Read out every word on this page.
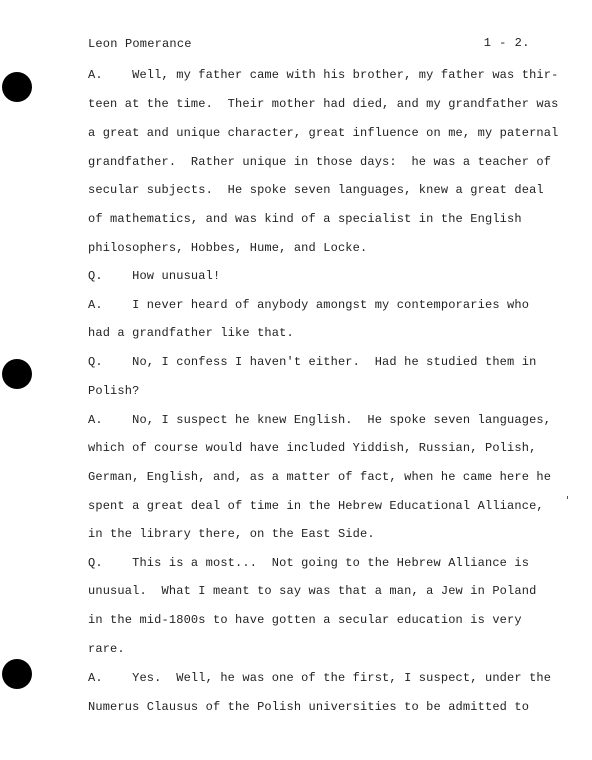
Leon Pomerance	1 - 2.
A.    Well, my father came with his brother, my father was thir-
teen at the time.  Their mother had died, and my grandfather was
a great and unique character, great influence on me, my paternal
grandfather.  Rather unique in those days:  he was a teacher of
secular subjects.  He spoke seven languages, knew a great deal
of mathematics, and was kind of a specialist in the English
philosophers, Hobbes, Hume, and Locke.
Q.    How unusual!
A.    I never heard of anybody amongst my contemporaries who
had a grandfather like that.
Q.    No, I confess I haven't either.  Had he studied them in
Polish?
A.    No, I suspect he knew English.  He spoke seven languages,
which of course would have included Yiddish, Russian, Polish,
German, English, and, as a matter of fact, when he came here he
spent a great deal of time in the Hebrew Educational Alliance,
in the library there, on the East Side.
Q.    This is a most...  Not going to the Hebrew Alliance is
unusual.  What I meant to say was that a man, a Jew in Poland
in the mid-1800s to have gotten a secular education is very
rare.
A.    Yes.  Well, he was one of the first, I suspect, under the
Numerus Clausus of the Polish universities to be admitted to
